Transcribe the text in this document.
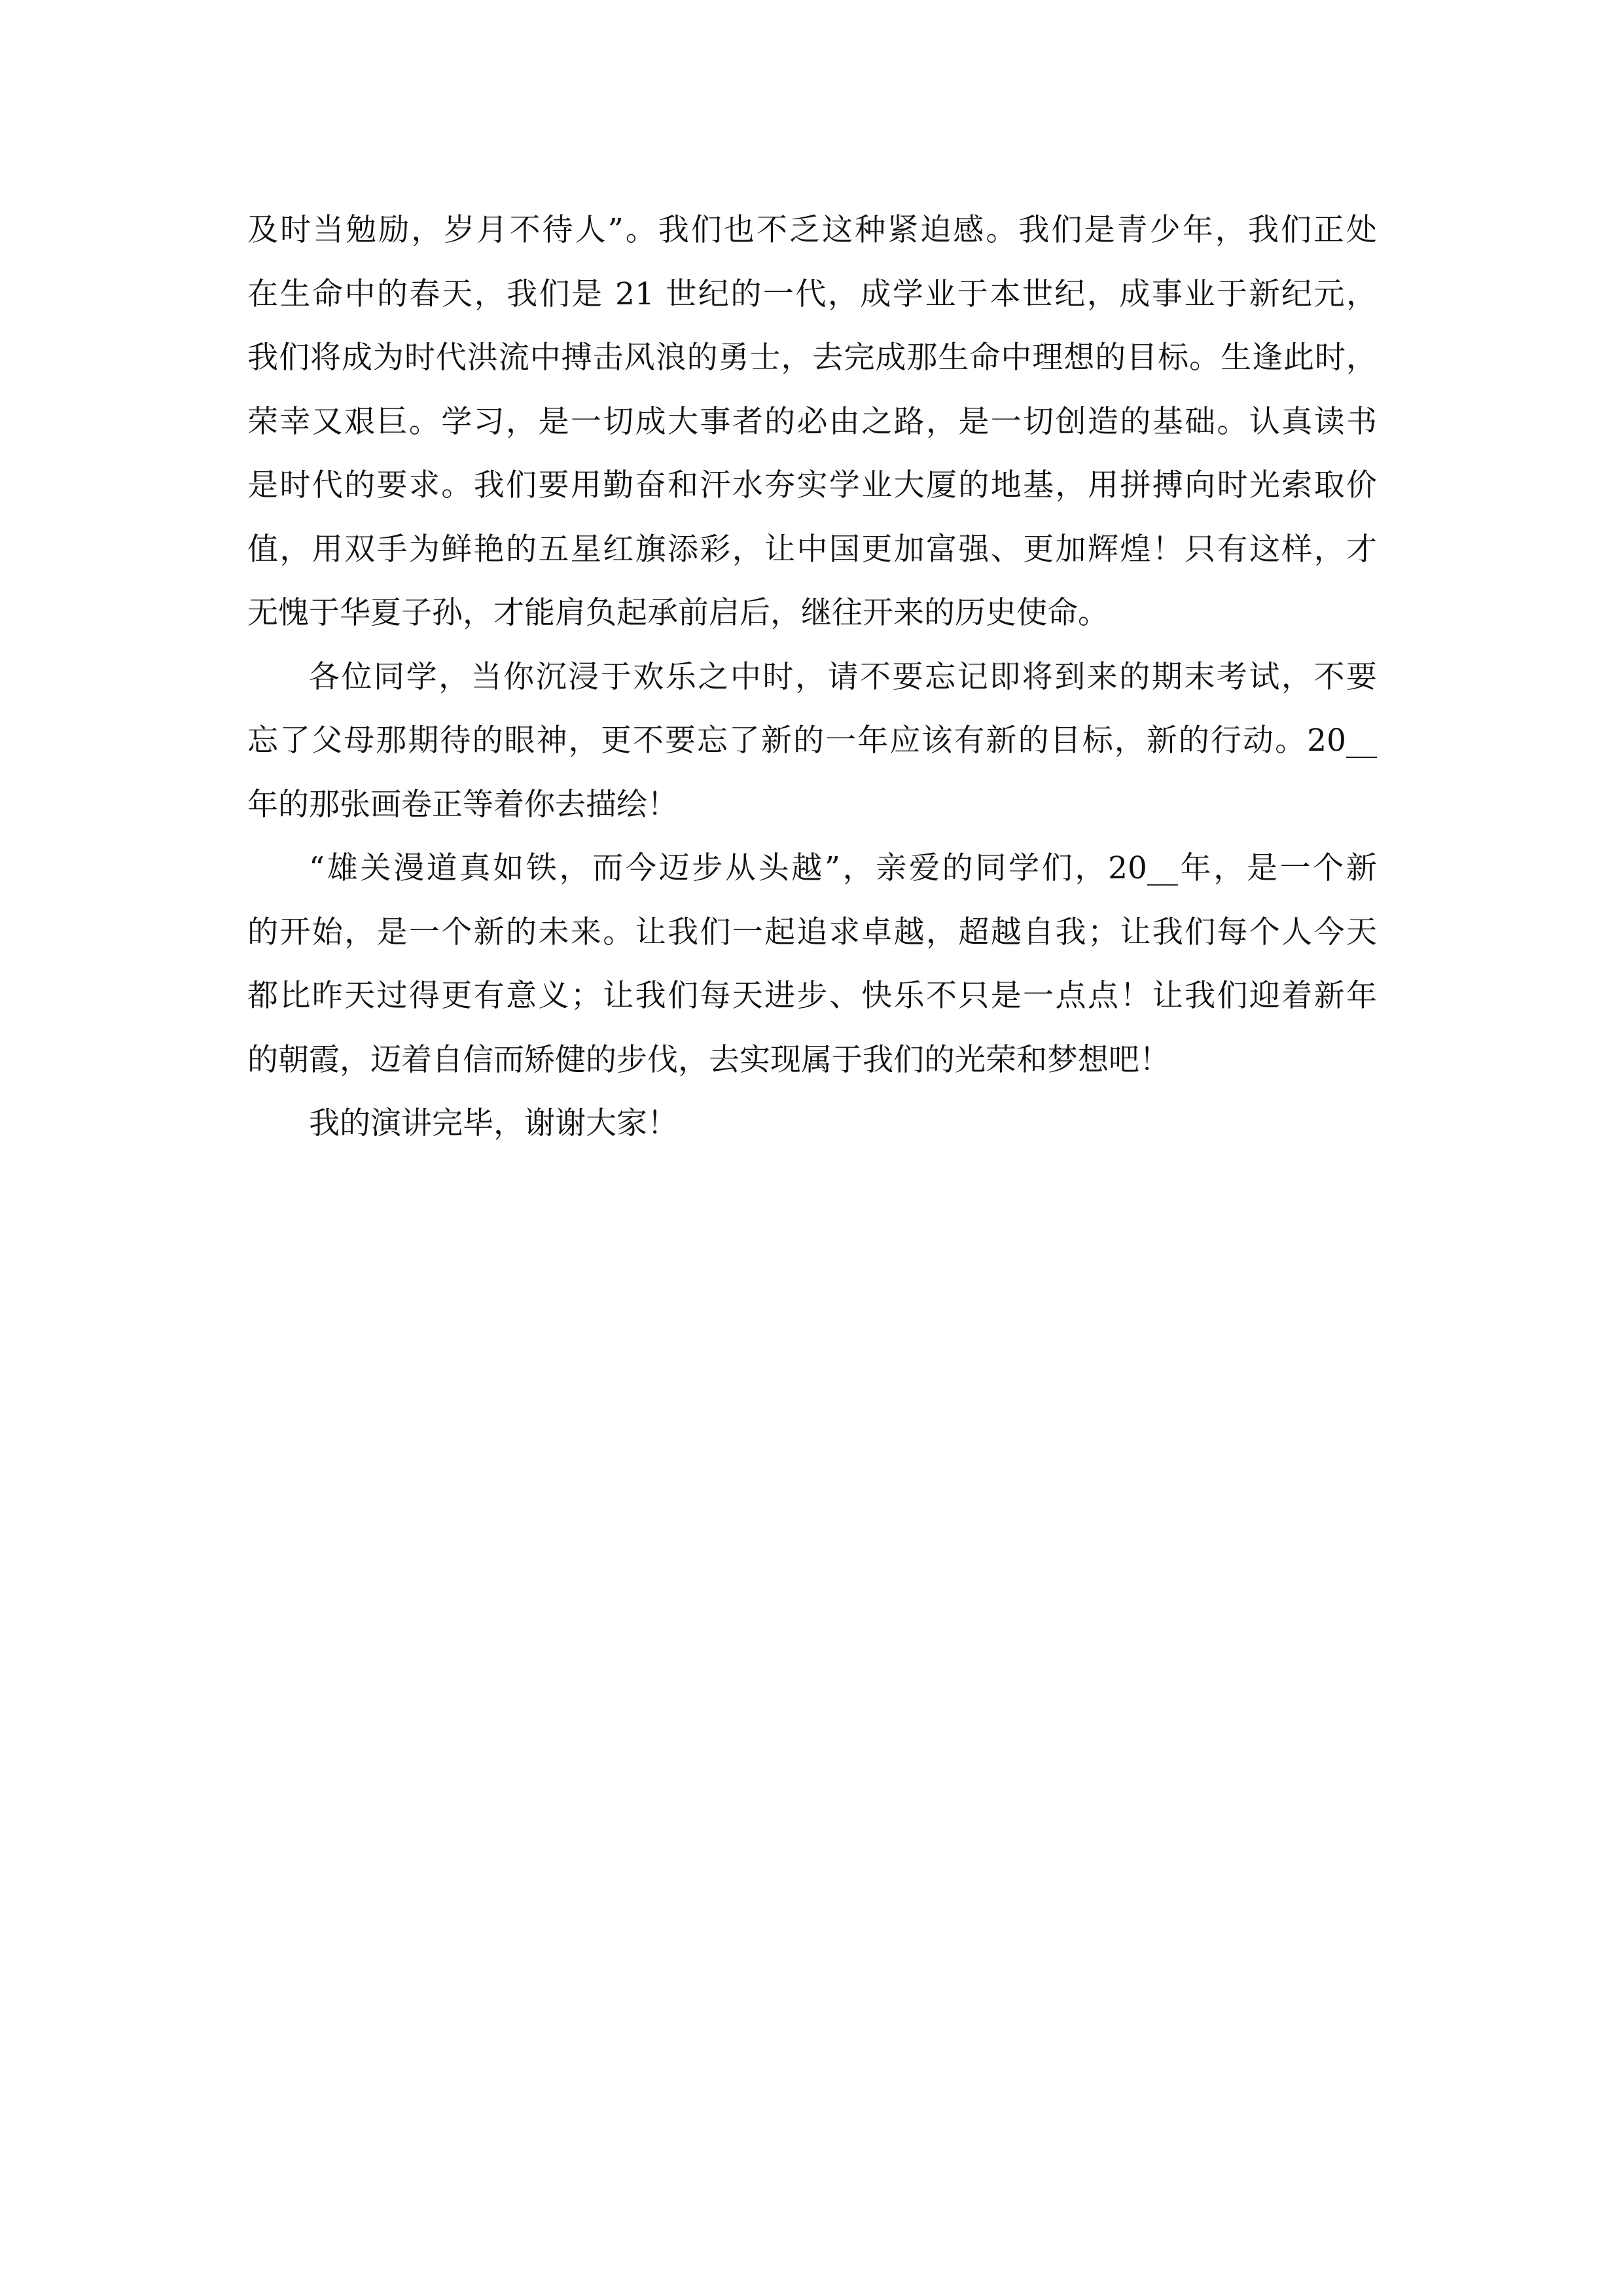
及时当勉励，岁月不待人”。我们也不乏这种紧迫感。我们是青少年，我们正处
在生命中的春天，我们是 21 世纪的一代，成学业于本世纪，成事业于新纪元，
我们将成为时代洪流中搏击风浪的勇士，去完成那生命中理想的目标。生逢此时，
荣幸又艰巨。学习，是一切成大事者的必由之路，是一切创造的基础。认真读书
是时代的要求。我们要用勤奋和汗水夯实学业大厦的地基，用拼搏向时光索取价
值，用双手为鲜艳的五星红旗添彩，让中国更加富强、更加辉煌！只有这样，才
无愧于华夏子孙，才能肩负起承前启后，继往开来的历史使命。
各位同学，当你沉浸于欢乐之中时，请不要忘记即将到来的期末考试，不要
忘了父母那期待的眼神，更不要忘了新的一年应该有新的目标，新的行动。20__
年的那张画卷正等着你去描绘！
“雄关漫道真如铁，而今迈步从头越”，亲爱的同学们，20__年，是一个新
的开始，是一个新的未来。让我们一起追求卓越，超越自我；让我们每个人今天
都比昨天过得更有意义；让我们每天进步、快乐不只是一点点！让我们迎着新年
的朝霞，迈着自信而矫健的步伐，去实现属于我们的光荣和梦想吧！
我的演讲完毕，谢谢大家！
